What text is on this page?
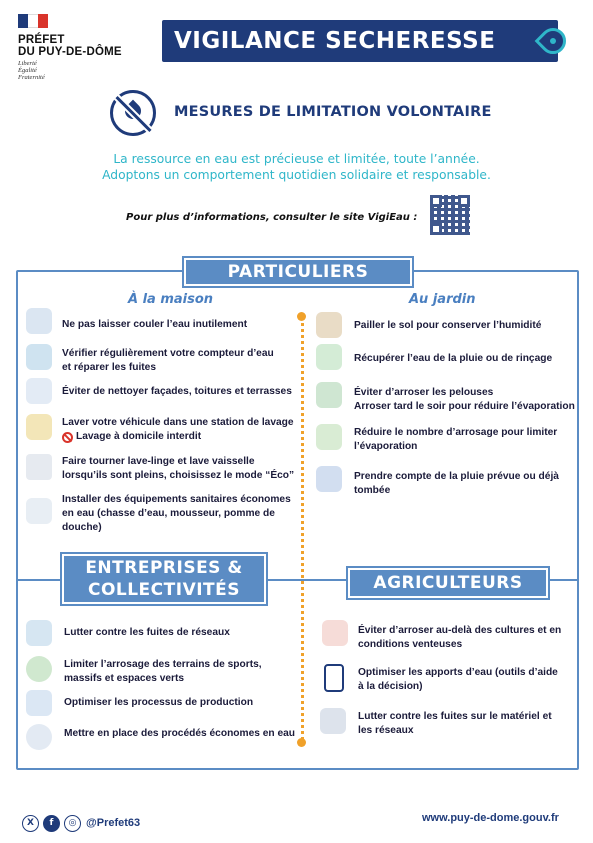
PRÉFET
DU PUY-DE-DÔME
Liberté
Égalité
Fraternité
VIGILANCE SECHERESSE
MESURES DE LIMITATION VOLONTAIRE
La ressource en eau est précieuse et limitée, toute l’année.
Adoptons un comportement quotidien solidaire et responsable.
Pour plus d’informations, consulter le site VigiEau :
PARTICULIERS
À la maison	Au jardin
Ne pas laisser couler l’eau inutilement
Vérifier régulièrement votre compteur d’eau
et réparer les fuites
Éviter de nettoyer façades, toitures et terrasses
Laver votre véhicule dans une station de lavage
Lavage à domicile interdit
Faire tourner lave-linge et lave vaisselle
lorsqu’ils sont pleins, choisissez le mode “Éco”
Installer des équipements sanitaires économes
en eau (chasse d’eau, mousseur, pomme de
douche)
Pailler le sol pour conserver l’humidité
Récupérer l’eau de la pluie ou de rinçage
Éviter d’arroser les pelouses
Arroser tard le soir pour réduire l’évaporation
Réduire le nombre d’arrosage pour limiter
l’évaporation
Prendre compte de la pluie prévue ou déjà
tombée
ENTREPRISES &
COLLECTIVITÉS
Lutter contre les fuites de réseaux
Limiter l’arrosage des terrains de sports,
massifs et espaces verts
Optimiser les processus de production
Mettre en place des procédés économes en eau
AGRICULTEURS
Éviter d’arroser au-delà des cultures et en
conditions venteuses
Optimiser les apports d’eau (outils d’aide
à la décision)
Lutter contre les fuites sur le matériel et
les réseaux
X	f	◎ @Prefet63	www.puy-de-dome.gouv.fr
